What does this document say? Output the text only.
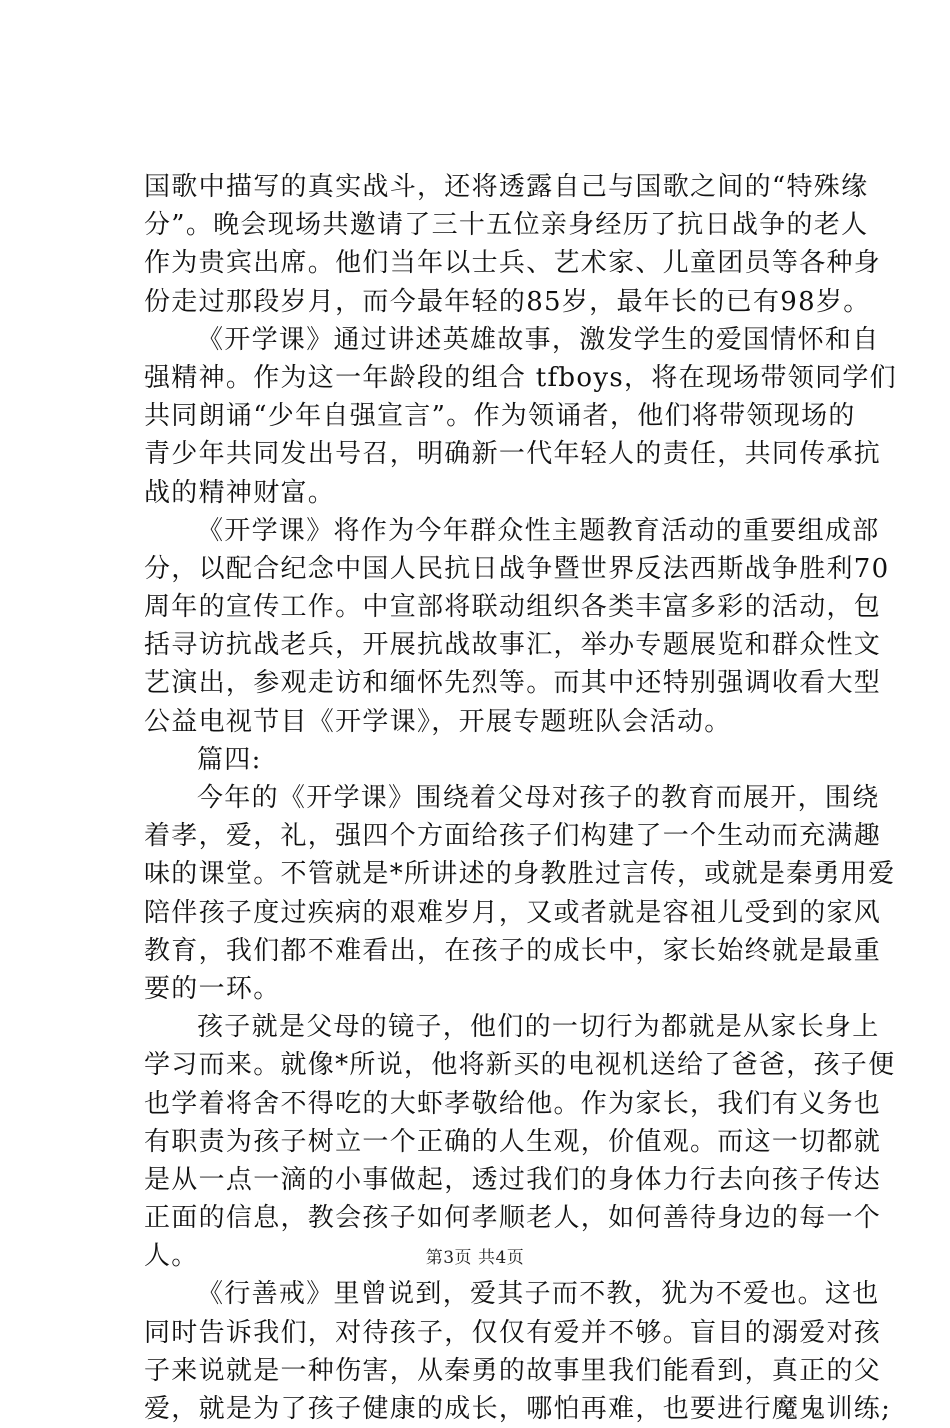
国歌中描写的真实战斗，还将透露自己与国歌之间的“特殊缘
分”。晚会现场共邀请了三十五位亲身经历了抗日战争的老人
作为贵宾出席。他们当年以士兵、艺术家、儿童团员等各种身
份走过那段岁月，而今最年轻的85岁，最年长的已有98岁。
《开学课》通过讲述英雄故事，激发学生的爱国情怀和自
强精神。作为这一年龄段的组合 tfboys，将在现场带领同学们
共同朗诵“少年自强宣言”。作为领诵者，他们将带领现场的
青少年共同发出号召，明确新一代年轻人的责任，共同传承抗
战的精神财富。
《开学课》将作为今年群众性主题教育活动的重要组成部
分，以配合纪念中国人民抗日战争暨世界反法西斯战争胜利70
周年的宣传工作。中宣部将联动组织各类丰富多彩的活动，包
括寻访抗战老兵，开展抗战故事汇，举办专题展览和群众性文
艺演出，参观走访和缅怀先烈等。而其中还特别强调收看大型
公益电视节目《开学课》，开展专题班队会活动。
篇四:
今年的《开学课》围绕着父母对孩子的教育而展开，围绕
着孝，爱，礼，强四个方面给孩子们构建了一个生动而充满趣
味的课堂。不管就是*所讲述的身教胜过言传，或就是秦勇用爱
陪伴孩子度过疾病的艰难岁月，又或者就是容祖儿受到的家风
教育，我们都不难看出，在孩子的成长中，家长始终就是最重
要的一环。
孩子就是父母的镜子，他们的一切行为都就是从家长身上
学习而来。就像*所说，他将新买的电视机送给了爸爸，孩子便
也学着将舍不得吃的大虾孝敬给他。作为家长，我们有义务也
有职责为孩子树立一个正确的人生观，价值观。而这一切都就
是从一点一滴的小事做起，透过我们的身体力行去向孩子传达
正面的信息，教会孩子如何孝顺老人，如何善待身边的每一个
人。
《行善戒》里曾说到，爱其子而不教，犹为不爱也。这也
同时告诉我们，对待孩子，仅仅有爱并不够。盲目的溺爱对孩
子来说就是一种伤害，从秦勇的故事里我们能看到，真正的父
爱，就是为了孩子健康的成长，哪怕再难，也要进行魔鬼训练;
第3页 共4页
